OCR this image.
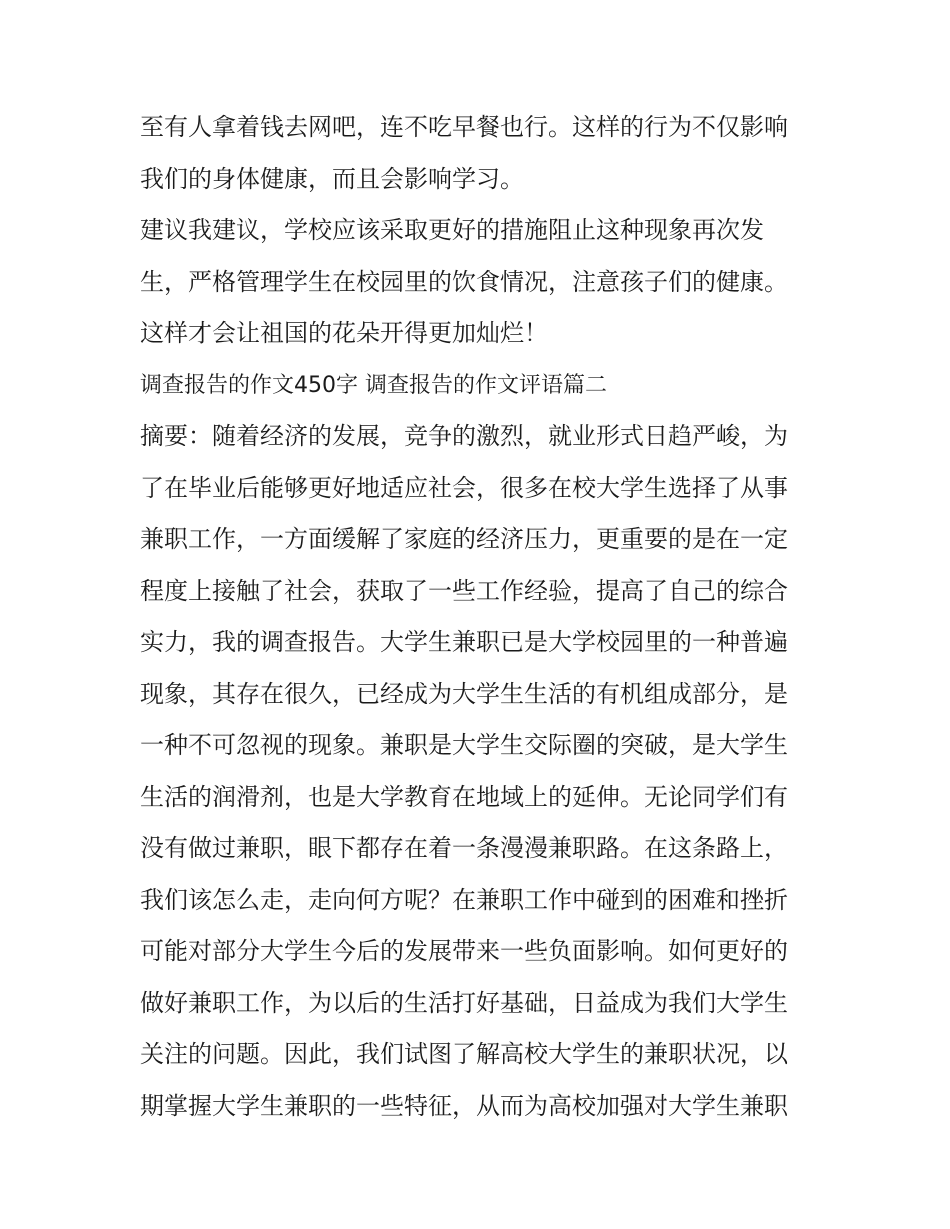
至有人拿着钱去网吧，连不吃早餐也行。这样的行为不仅影响
我们的身体健康，而且会影响学习。
建议我建议，学校应该采取更好的措施阻止这种现象再次发
生，严格管理学生在校园里的饮食情况，注意孩子们的健康。
这样才会让祖国的花朵开得更加灿烂！
调查报告的作文450字 调查报告的作文评语篇二
摘要：随着经济的发展，竞争的激烈，就业形式日趋严峻，为
了在毕业后能够更好地适应社会，很多在校大学生选择了从事
兼职工作，一方面缓解了家庭的经济压力，更重要的是在一定
程度上接触了社会，获取了一些工作经验，提高了自己的综合
实力，我的调查报告。大学生兼职已是大学校园里的一种普遍
现象，其存在很久，已经成为大学生生活的有机组成部分，是
一种不可忽视的现象。兼职是大学生交际圈的突破，是大学生
生活的润滑剂，也是大学教育在地域上的延伸。无论同学们有
没有做过兼职，眼下都存在着一条漫漫兼职路。在这条路上，
我们该怎么走，走向何方呢？在兼职工作中碰到的困难和挫折
可能对部分大学生今后的发展带来一些负面影响。如何更好的
做好兼职工作，为以后的生活打好基础，日益成为我们大学生
关注的问题。因此，我们试图了解高校大学生的兼职状况，以
期掌握大学生兼职的一些特征，从而为高校加强对大学生兼职
